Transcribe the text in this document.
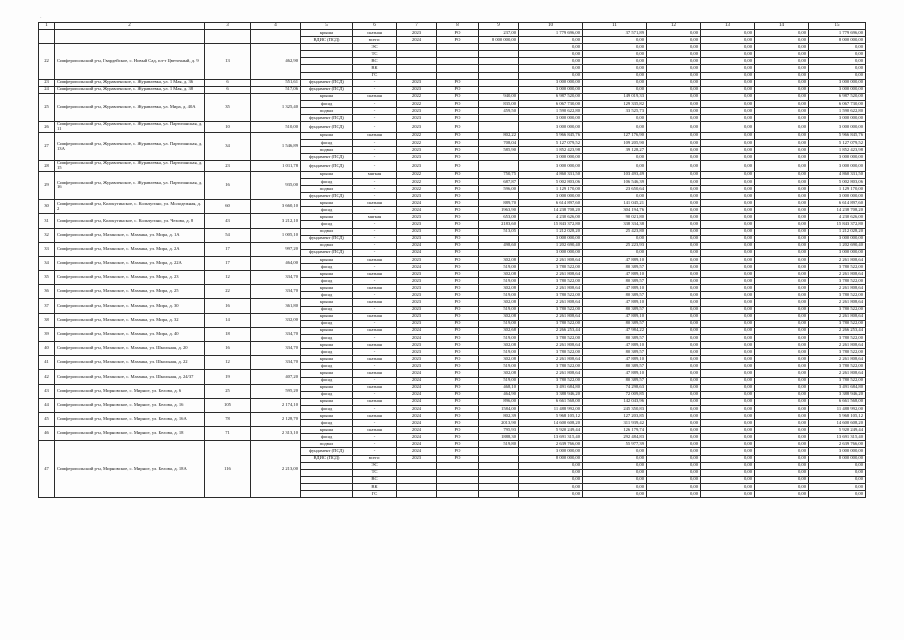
·
1	2	3	4	5	6	7	8	9	10	11	12	13	14	15
				крыша	скатная	2023	РО	237,00	1 779 696,00	37 571,89	0,00	0,00	0,00	1 779 696,00
				ВДИС (ПСД)	всего:	2024	РО	8 000 000,00	0,00	0,00	0,00	0,00	0,00	8 000 000,00
22	Симферопольский р-н, Гвардейское, с. Новый Сад, пл-т Цветочный, д. 9	13	462,90		ЭС				0,00	0,00	0,00	0,00	0,00	0,00
					ТС				0,00	0,00	0,00	0,00	0,00	0,00
					ВС				0,00	0,00	0,00	0,00	0,00	0,00
					ВК				0,00	0,00	0,00	0,00	0,00	0,00
					ГС				0,00	0,00	0,00	0,00	0,00	0,00
23	Симферопольский р-н, Журавленское, с. Журавлевка, ул. 1 Мая, д. 36	6	551,61	фундамент (ПСД)	-	2023	РО		3 000 000,00	0,00	0,00	0,00	0,00	3 000 000,00
24	Симферопольский р-н, Журавленское, с. Журавлевка, ул. 1 Мая, д. 38	6	517,06	фундамент (ПСД)	-	2023	РО		3 000 000,00	0,00	0,00	0,00	0,00	3 000 000,00
25	Симферопольский р-н, Журавленское, с. Журавлевка, ул. Мира, д. 40А	35	1 325,40	крыша	скатная	2022	РО	940,00	6 987 520,00	149 019,33	0,00	0,00	0,00	6 987 520,00
				фасад	-	2022	РО	835,00	6 067 730,00	129 335,82	0,00	0,00	0,00	6 067 730,00
				подвал	-	2023	РО	459,50	1 590 622,80	33 525,73	0,00	0,00	0,00	1 590 622,80
				фундамент (ПСД)	-	2023	РО		3 000 000,00	0,00	0,00	0,00	0,00	3 000 000,00
26	Симферопольский р-н, Журавленское, с. Журавлевка, ул. Партизанская, д. 11	10	510,00	фундамент (ПСД)	-	2023	РО		3 000 000,00	0,00	0,00	0,00	0,00	3 000 000,00
27	Симферопольский р-н, Журавленское, с. Журавлевка, ул. Партизанская, д. 13А	34	1 546,89	крыша	скатная	2022	РО	802,22	5 966 845,76	127 176,90	0,00	0,00	0,00	5 966 845,76
				фасад	-	2022	РО	708,04	5 127 079,52	109 205,90	0,00	0,00	0,00	5 127 079,52
				подвал	-	2023	РО	585,90	1 852 423,98	39 128,27	0,00	0,00	0,00	1 852 423,98
				фундамент (ПСД)	-	2023	РО		3 000 000,00	0,00	0,00	0,00	0,00	3 000 000,00
28	Симферопольский р-н, Журавленское, с. Журавлевка, ул. Партизанская, д. 15	23	1 011,78	фундамент (ПСД)	-	2023	РО		3 000 000,00	0,00	0,00	0,00	0,00	3 000 000,00
29	Симферопольский р-н, Журавленское, с. Журавлевка, ул. Партизанская, д. 16	16	935,00	крыша	мягкая	2022	РО	750,75	4 860 331,50	103 493,49	0,00	0,00	0,00	4 860 331,50
				фасад	-	2022	РО	687,87	5 002 803,06	106 546,39	0,00	0,00	0,00	5 002 803,06
				подвал	-	2022	РО	596,00	1 129 170,00	23 650,64	0,00	0,00	0,00	1 129 170,00
				фундамент (ПСД)	-	2023	РО		3 000 000,00	0,00	0,00	0,00	0,00	3 000 000,00
30	Симферопольский р-н, Кольчугинское, с. Кольчугино, ул. Молодежная, д. 2	60	3 660,10	крыша	скатная	2024	РО	889,70	6 614 897,60	141 045,21	0,00	0,00	0,00	6 614 897,60
				фасад	-	2024	РО	1963,90	14 238 708,20	304 194,76	0,00	0,00	0,00	14 238 708,20
31	Симферопольский р-н, Кольчугинское, с. Кольчугино, ул. Чехова, д. 8	43	3 212,10	крыша	мягкая	2023	РО	653,00	4 230 626,00	90 021,80	0,00	0,00	0,00	4 230 626,00
				фасад	-	2023	РО	2183,60	15 843 372,80	338 334,38	0,00	0,00	0,00	15 843 372,80
32	Симферопольский р-н, Мазанское, с. Мазанка, ул. Мира, д. 1А	54	1 005,10	подвал	-	2023	РО	513,05	1 212 028,20	25 423,80	0,00	0,00	0,00	1 212 028,20
				фундамент (ПСД)	-	2023	РО		3 000 000,00	0,00	0,00	0,00	0,00	3 000 000,00
33	Симферопольский р-н, Мазанское, с. Мазанка, ул. Мира, д. 2А	17	997,20	подвал	-	2024	РО	498,60	1 202 690,40	25 223,93	0,00	0,00	0,00	1 202 690,40
				фундамент (ПСД)	-	2024	РО		3 000 000,00	0,00	0,00	0,00	0,00	3 000 000,00
34	Симферопольский р-н, Мазанское, с. Мазанка, ул. Мира, д. 22А	17	464,00	крыша	скатная	2023	РО	302,08	2 261 808,64	47 889,10	0,00	0,00	0,00	2 261 808,64
				фасад	-	2024	РО	519,00	3 780 522,00	80 389,57	0,00	0,00	0,00	3 780 522,00
35	Симферопольский р-н, Мазанское, с. Мазанка, ул. Мира, д. 23	12	334,70	крыша	скатная	2023	РО	302,08	2 261 808,64	47 889,10	0,00	0,00	0,00	2 261 808,64
				фасад	-	2023	РО	519,00	3 780 522,00	80 389,57	0,00	0,00	0,00	3 780 522,00
36	Симферопольский р-н, Мазанское, с. Мазанка, ул. Мира, д. 25	22	334,70	крыша	скатная	2023	РО	302,08	2 261 808,64	47 889,10	0,00	0,00	0,00	2 261 808,64
				фасад	-	2023	РО	519,00	3 780 522,00	80 389,57	0,00	0,00	0,00	3 780 522,00
37	Симферопольский р-н, Мазанское, с. Мазанка, ул. Мира, д. 30	16	361,80	крыша	скатная	2023	РО	302,08	2 261 808,64	47 889,10	0,00	0,00	0,00	2 261 808,64
				фасад	-	2023	РО	519,00	3 780 522,00	80 389,57	0,00	0,00	0,00	3 780 522,00
38	Симферопольский р-н, Мазанское, с. Мазанка, ул. Мира, д. 32	14	332,00	крыша	скатная	2023	РО	302,08	2 261 808,64	47 889,10	0,00	0,00	0,00	2 261 808,64
				фасад	-	2023	РО	519,00	3 780 522,00	80 389,57	0,00	0,00	0,00	3 780 522,00
39	Симферопольский р-н, Мазанское, с. Мазанка, ул. Мира, д. 40	18	334,70	крыша	скатная	2024	РО	302,68	2 266 253,44	47 984,22	0,00	0,00	0,00	2 266 253,44
				фасад	-	2024	РО	519,00	3 780 522,00	80 389,57	0,00	0,00	0,00	3 780 522,00
40	Симферопольский р-н, Мазанское, с. Мазанка, ул. Школьная, д. 20	16	334,70	крыша	скатная	2023	РО	302,08	2 261 808,64	47 889,10	0,00	0,00	0,00	2 261 808,64
				фасад	-	2023	РО	519,00	3 780 522,00	80 389,57	0,00	0,00	0,00	3 780 522,00
41	Симферопольский р-н, Мазанское, с. Мазанка, ул. Школьная, д. 22	12	334,70	крыша	скатная	2023	РО	302,08	2 261 808,64	47 889,10	0,00	0,00	0,00	2 261 808,64
				фасад	-	2023	РО	519,00	3 780 522,00	80 389,57	0,00	0,00	0,00	3 780 522,00
42	Симферопольский р-н, Мазанское, с. Мазанка, ул. Школьная, д. 24/37	19	407,20	крыша	скатная	2024	РО	302,08	2 261 808,64	47 889,10	0,00	0,00	0,00	2 261 808,64
				фасад	-	2024	РО	519,00	3 780 522,00	80 389,57	0,00	0,00	0,00	3 780 522,00
43	Симферопольский р-н, Мирновское, с. Мирное, ул. Белова, д. 6	25	595,20	крыша	скатная	2024	РО	468,10	3 491 684,80	74 298,63	0,00	0,00	0,00	3 491 684,80
				фасад	-	2024	РО	464,90	3 388 946,20	72 009,85	0,00	0,00	0,00	3 388 946,20
44	Симферопольский р-н, Мирновское, с. Мирное, ул. Белова, д. 16	105	2 174,10	крыша	скатная	2024	РО	896,00	6 661 568,00	142 043,96	0,00	0,00	0,00	6 661 568,00
				фасад	-	2024	РО	1584,00	11 488 992,00	245 350,83	0,00	0,00	0,00	11 488 992,00
45	Симферопольский р-н, Мирновское, с. Мирное, ул. Белова, д. 16А	78	2 128,70	крыша	скатная	2024	РО	802,39	5 968 105,12	127 203,85	0,00	0,00	0,00	5 968 105,12
				фасад	-	2024	РО	2013,90	14 600 608,20	311 939,42	0,00	0,00	0,00	14 600 608,20
46	Симферопольский р-н, Мирновское, с. Мирное, ул. Белова, д. 18	71	2 313,10	крыша	скатная	2024	РО	795,93	5 920 249,44	126 179,74	0,00	0,00	0,00	5 920 249,44
				фасад	-	2024	РО	1888,30	13 691 315,40	292 484,83	0,00	0,00	0,00	13 691 315,40
47	Симферопольский р-н, Мирновское, с. Мирное, ул. Белова, д. 18А	116	2 213,00	подвал	-	2024	РО	519,80	2 639 766,00	55 977,39	0,00	0,00	0,00	2 639 766,00
				фундамент (ПСД)	-	2024	РО		3 000 000,00	0,00	0,00	0,00	0,00	3 000 000,00
				ВДИС (ПСД)	всего:	2023	РО		8 000 000,00	0,00	0,00	0,00	0,00	8 000 000,00
					ЭС				0,00	0,00	0,00	0,00	0,00	0,00
					ТС				0,00	0,00	0,00	0,00	0,00	0,00
					ВС				0,00	0,00	0,00	0,00	0,00	0,00
					ВК				0,00	0,00	0,00	0,00	0,00	0,00
					ГС				0,00	0,00	0,00	0,00	0,00	0,00
